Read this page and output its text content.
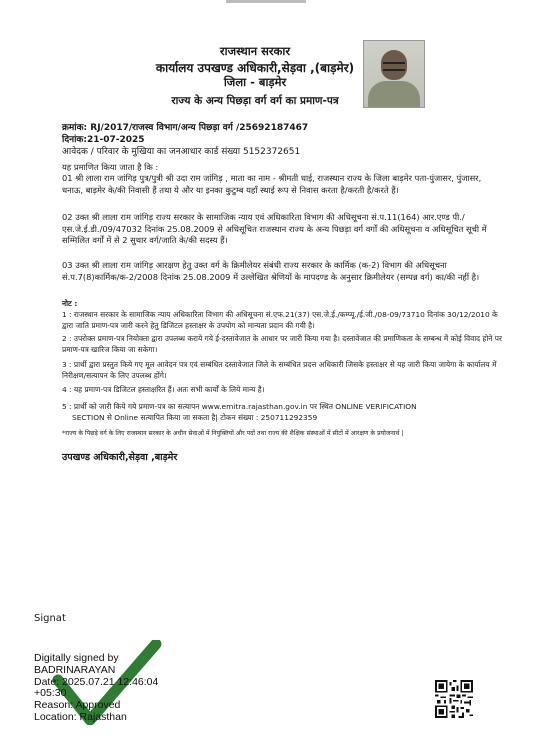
राजस्थान सरकार
कार्यालय उपखण्ड अधिकारी,सेड़वा ,(बाड़मेर)
जिला - बाड़मेर
राज्य के अन्य पिछड़ा वर्ग वर्ग का प्रमाण-पत्र
क्रमांक: RJ/2017/राजस्व विभाग/अन्य पिछड़ा वर्ग /25692187467
दिनांक:21-07-2025
आवेदक / परिवार के मुखिया का जनआधार कार्ड संख्या 5152372651
यह प्रमाणित किया जाता है कि :
01 श्री लाला राम जांगिड़ पुत्र/पुत्री श्री उदा राम जांगिड़ , माता का नाम - श्रीमती धाई, राजस्थान राज्य के जिला बाड़मेर पता-पुंजासर, पुंजासर, धनाऊ, बाड़मेर के/की निवासी हैं तथा ये और या इनका कुटुम्ब यहाँ स्थाई रूप से निवास करता है/करती है/करते हैं।
02 उक्त श्री लाला राम जांगिड़ राज्य सरकार के सामाजिक न्याय एवं अधिकारिता विभाग की अधिसूचना सं.प.11(164) आर.एण्ड पी./एस.जे.ई.डी./09/47032 दिनांक 25.08.2009 से अधिसूचित राजस्थान राज्य के अन्य पिछड़ा वर्ग वर्गों की अधिसूचना व अधिसूचित सूची में सम्मिलित वर्गों में से 2 सुथार वर्ग/जाति के/की सदस्य हैं।
03 उक्त श्री लाला राम जांगिड़ आरक्षण हेतु उक्त वर्ग के क्रिमीलेयर संबंधी राज्य सरकार के कार्मिक (क-2) विभाग की अधिसूचना सं.प.7(8)कार्मिक/क-2/2008 दिनांक 25.08.2009 में उल्लेखित श्रेणियों के मापदण्ड के अनुसार क्रिमीलेयर (सम्पन्न वर्ग) का/की नहीं है।
नोट :
1 : राजस्थान सरकार के सामाजिक न्याय अधिकारिता विभाग की अधिसूचना सं.एफ.21(37) एस.जे.ई./कम्प्यू./ई.जी./08-09/73710 दिनांक 30/12/2010 के द्वारा जाति प्रमाण-पत्र जारी करने हेतु डिजिटल हस्ताक्षर के उपयोग को मान्यता प्रदान की गयी है।
2 : उपरोक्त प्रमाण-पत्र नियोक्ता द्वारा उपलब्ध कराये गये ई-दस्तावेजात के आधार पर जारी किया गया है। दस्तावेजात की प्रमाणिकता के सम्बन्ध में कोई विवाद होने पर प्रमाण-पत्र खारिज किया जा सकेगा।
3 : प्रार्थी द्वारा प्रस्तुत किये गए मूल आवेदन पत्र एवं सम्बंधित दस्तावेजात जिले के सम्बंधित प्रदत्त अधिकारी जिसके हस्ताक्षर से यह जारी किया जायेगा के कार्यालय में निरीक्षण/सत्यापन के लिए उपलब्ध होंगे।
4 : यह प्रमाण-पत्र डिजिटल हस्ताक्षरित हैं। अतः सभी कार्यों के लिये मान्य है।
5 : प्रार्थी को जारी किये गये प्रमाण-पत्र का सत्यापन www.emitra.rajasthan.gov.in पर स्थित ONLINE VERIFICATION
SECTION से Online सत्यापित किया जा सकता है| टोकन संख्या : 250711292359
*राज्य के पिछड़े वर्ग के लिए राजस्थान सरकार के अधीन सेवाओं में नियुक्तियों और पदों तथा राज्य की शैक्षिक संस्थाओं में सीटों में आरक्षण के प्रयोजनार्थ |
उपखण्ड अधिकारी,सेड़वा ,बाड़मेर
Signat
Digitally signed by
BADRINARAYAN
Date: 2025.07.21 12:46:04
+05:30
Reason: Approved
Location: Rajasthan
